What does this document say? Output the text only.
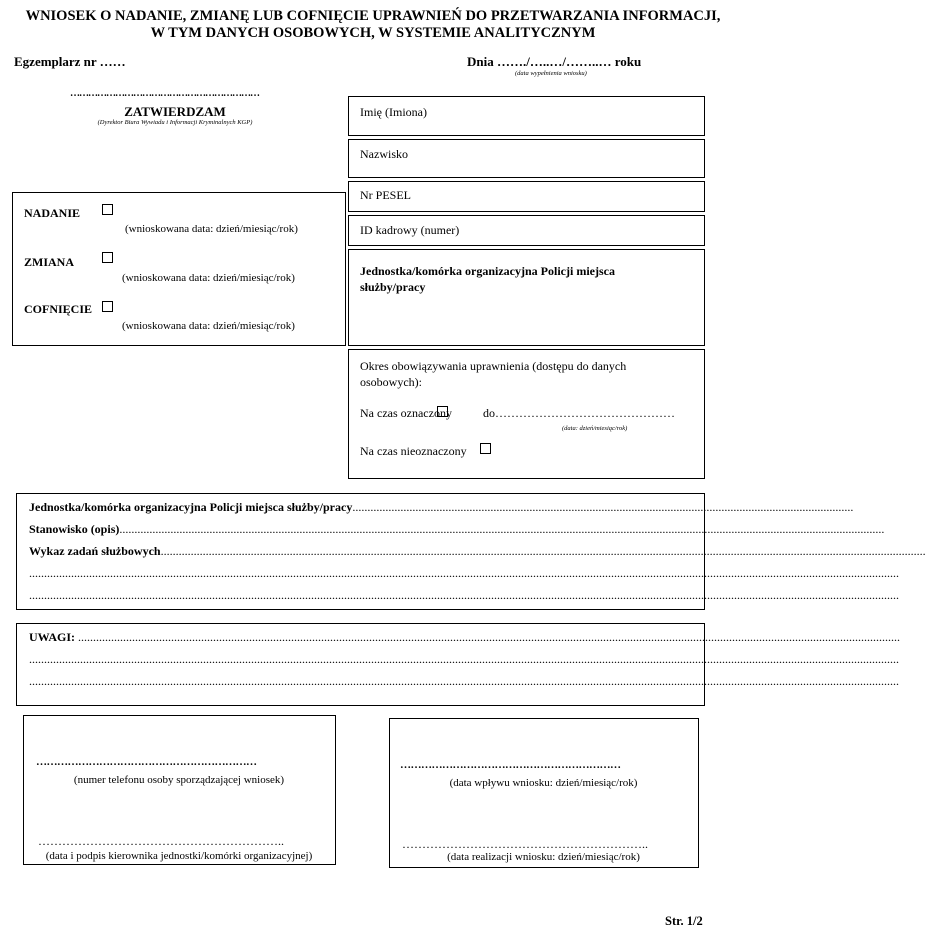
WNIOSEK O NADANIE, ZMIANĘ LUB COFNIĘCIE UPRAWNIEŃ DO PRZETWARZANIA INFORMACJI,
W TYM DANYCH OSOBOWYCH, W SYSTEMIE ANALITYCZNYM
Egzemplarz nr ……	Dnia ……./…..…/……..… roku
(data wypełnienia wniosku)
………………………………………………………
ZATWIERDZAM
(Dyrektor Biura Wywiadu i Informacji Kryminalnych KGP)
NADANIE
(wnioskowana data: dzień/miesiąc/rok)
ZMIANA
(wnioskowana data: dzień/miesiąc/rok)
COFNIĘCIE
(wnioskowana data: dzień/miesiąc/rok)
Imię (Imiona)
Nazwisko
Nr PESEL
ID kadrowy (numer)
Jednostka/komórka organizacyjna Policji miejsca służby/pracy
Okres obowiązywania uprawnienia (dostępu do danych osobowych):
Na czas oznaczony	do………………………………………
(data: dzień/miesiąc/rok)
Na czas nieoznaczony
Jednostka/komórka organizacyjna Policji miejsca służby/pracy.......................................................................................................................................................................
Stanowisko (opis)...............................................................................................................................................................................................................................................................
Wykaz zadań służbowych...............................................................................................................................................................................................................................................................
..................................................................................................................................................................................................................................................................................................
..................................................................................................................................................................................................................................................................................................
UWAGI: ..................................................................................................................................................................................................................................................................................
..................................................................................................................................................................................................................................................................................................
..................................................................................................................................................................................................................................................................................................
………………………………………………………
(numer telefonu osoby sporządzającej wniosek)
……………………………………………………..
(data i podpis kierownika jednostki/komórki organizacyjnej)
………………………………………………………
(data wpływu wniosku: dzień/miesiąc/rok)
……………………………………………………..
(data realizacji wniosku: dzień/miesiąc/rok)
Str. 1/2
